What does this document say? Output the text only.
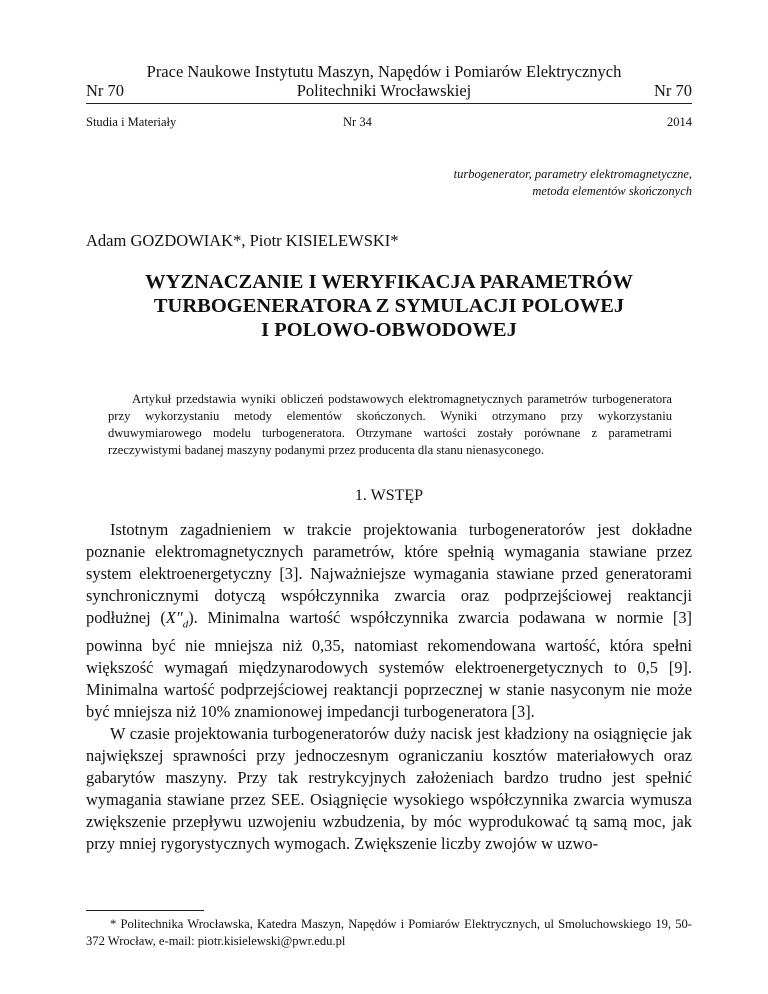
Prace Naukowe Instytutu Maszyn, Napędów i Pomiarów Elektrycznych
Politechniki Wrocławskiej
Nr 70	Nr 70
Studia i Materiały	Nr 34	2014
turbogenerator, parametry elektromagnetyczne,
metoda elementów skończonych
Adam GOZDOWIAK*, Piotr KISIELEWSKI*
WYZNACZANIE I WERYFIKACJA PARAMETRÓW
TURBOGENERATORA Z SYMULACJI POLOWEJ
I POLOWO-OBWODOWEJ
Artykuł przedstawia wyniki obliczeń podstawowych elektromagnetycznych parametrów turbogeneratora przy wykorzystaniu metody elementów skończonych. Wyniki otrzymano przy wykorzystaniu dwuwymiarowego modelu turbogeneratora. Otrzymane wartości zostały porównane z parametrami rzeczywistymi badanej maszyny podanymi przez producenta dla stanu nienasyconego.
1. WSTĘP

Istotnym zagadnieniem w trakcie projektowania turbogeneratorów jest dokładne poznanie elektromagnetycznych parametrów, które spełnią wymagania stawiane przez system elektroenergetyczny [3]. Najważniejsze wymagania stawiane przed generatorami synchronicznymi dotyczą współczynnika zwarcia oraz podprzejściowej reaktancji podłużnej $(X''_d)$. Minimalna wartość współczynnika zwarcia podawana w normie [3] powinna być nie mniejsza niż 0,35, natomiast rekomendowana wartość, która spełni większość wymagań międzynarodowych systemów elektroenergetycznych to 0,5 [9]. Minimalna wartość podprzejściowej reaktancji poprzecznej w stanie nasyconym nie może być mniejsza niż 10% znamionowej impedancji turbogeneratora [3].

W czasie projektowania turbogeneratorów duży nacisk jest kładziony na osiągnięcie jak największej sprawności przy jednoczesnym ograniczaniu kosztów materiałowych oraz gabarytów maszyny. Przy tak restrykcyjnych założeniach bardzo trudno jest spełnić wymagania stawiane przez SEE. Osiągnięcie wysokiego współczynnika zwarcia wymusza zwiększenie przepływu uzwojeniu wzbudzenia, by móc wyprodukować tą samą moc, jak przy mniej rygorystycznych wymogach. Zwiększenie liczby zwojów w uzwo-

* Politechnika Wrocławska, Katedra Maszyn, Napędów i Pomiarów Elektrycznych, ul Smoluchowskiego 19, 50-372 Wrocław, e-mail: piotr.kisielewski@pwr.edu.pl
